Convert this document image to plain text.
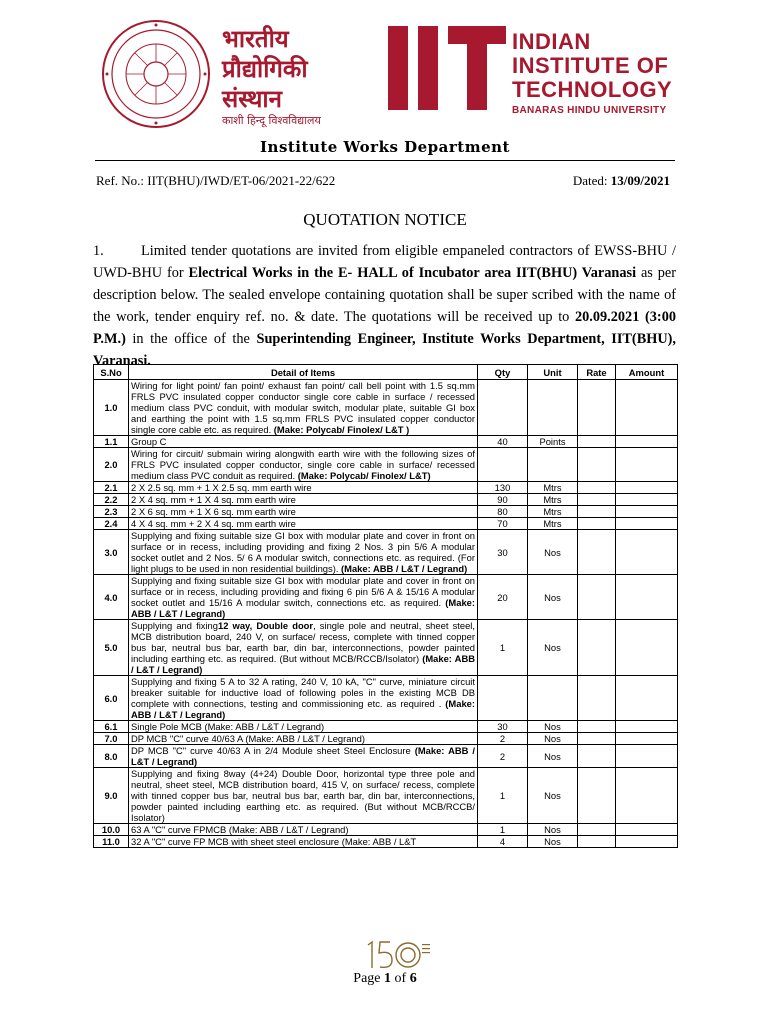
भारतीय
प्रौद्योगिकी
संस्थान
काशी हिन्दू विश्वविद्यालय
INDIAN
INSTITUTE OF
TECHNOLOGY
BANARAS HINDU UNIVERSITY
Institute Works Department
Ref. No.: IIT(BHU)/IWD/ET-06/2021-22/622	Dated: 13/09/2021
QUOTATION NOTICE
1.	Limited tender quotations are invited from eligible empaneled contractors of EWSS-BHU / UWD-BHU for Electrical Works in the E- HALL of Incubator area IIT(BHU) Varanasi as per description below. The sealed envelope containing quotation shall be super scribed with the name of the work, tender enquiry ref. no. & date. The quotations will be received up to 20.09.2021 (3:00 P.M.) in the office of the Superintending Engineer, Institute Works Department, IIT(BHU), Varanasi.
S.No	Detail of Items	Qty	Unit	Rate	Amount
1.0	Wiring for light point/ fan point/ exhaust fan point/ call bell point with 1.5 sq.mm FRLS PVC insulated copper conductor single core cable in surface / recessed medium class PVC conduit, with modular switch, modular plate, suitable GI box and earthing the point with 1.5 sq.mm FRLS PVC insulated copper conductor single core cable etc. as required. (Make: Polycab/ Finolex/ L&T )				
1.1	Group C	40	Points		
2.0	Wiring for circuit/ submain wiring alongwith earth wire with the following sizes of FRLS PVC insulated copper conductor, single core cable in surface/ recessed medium class PVC conduit as required. (Make: Polycab/ Finolex/ L&T)				
2.1	2 X 2.5 sq. mm + 1 X 2.5 sq. mm earth wire	130	Mtrs		
2.2	2 X 4 sq. mm + 1 X 4 sq. mm earth wire	90	Mtrs		
2.3	2 X 6 sq. mm + 1 X 6 sq. mm earth wire	80	Mtrs		
2.4	4 X 4 sq. mm + 2 X 4 sq. mm earth wire	70	Mtrs		
3.0	Supplying and fixing suitable size GI box with modular plate and cover in front on surface or in recess, including providing and fixing 2 Nos. 3 pin 5/6 A modular socket outlet and 2 Nos. 5/ 6 A modular switch, connections etc. as required. (For light plugs to be used in non residential buildings). (Make: ABB / L&T / Legrand)	30	Nos		
4.0	Supplying and fixing suitable size GI box with modular plate and cover in front on surface or in recess, including providing and fixing 6 pin 5/6 A & 15/16 A modular socket outlet and 15/16 A modular switch, connections etc. as required. (Make: ABB / L&T / Legrand)	20	Nos		
5.0	Supplying and fixing12 way, Double door, single pole and neutral, sheet steel, MCB distribution board, 240 V, on surface/ recess, complete with tinned copper bus bar, neutral bus bar, earth bar, din bar, interconnections, powder painted including earthing etc. as required. (But without MCB/RCCB/Isolator) (Make: ABB / L&T / Legrand)	1	Nos		
6.0	Supplying and fixing 5 A to 32 A rating, 240 V, 10 kA, "C" curve, miniature circuit breaker suitable for inductive load of following poles in the existing MCB DB complete with connections, testing and commissioning etc. as required . (Make: ABB / L&T / Legrand)				
6.1	Single Pole MCB (Make: ABB / L&T / Legrand)	30	Nos		
7.0	DP MCB "C" curve 40/63 A (Make: ABB / L&T / Legrand)	2	Nos		
8.0	DP MCB "C" curve 40/63 A in 2/4 Module sheet Steel Enclosure (Make: ABB / L&T / Legrand)	2	Nos		
9.0	Supplying and fixing 8way (4+24) Double Door, horizontal type three pole and neutral, sheet steel, MCB distribution board, 415 V, on surface/ recess, complete with tinned copper bus bar, neutral bus bar, earth bar, din bar, interconnections, powder painted including earthing etc. as required. (But without MCB/RCCB/ Isolator)	1	Nos		
10.0	63 A "C" curve FPMCB (Make: ABB / L&T / Legrand)	1	Nos		
11.0	32 A "C" curve FP MCB with sheet steel enclosure (Make: ABB / L&T	4	Nos		
Page 1 of 6
